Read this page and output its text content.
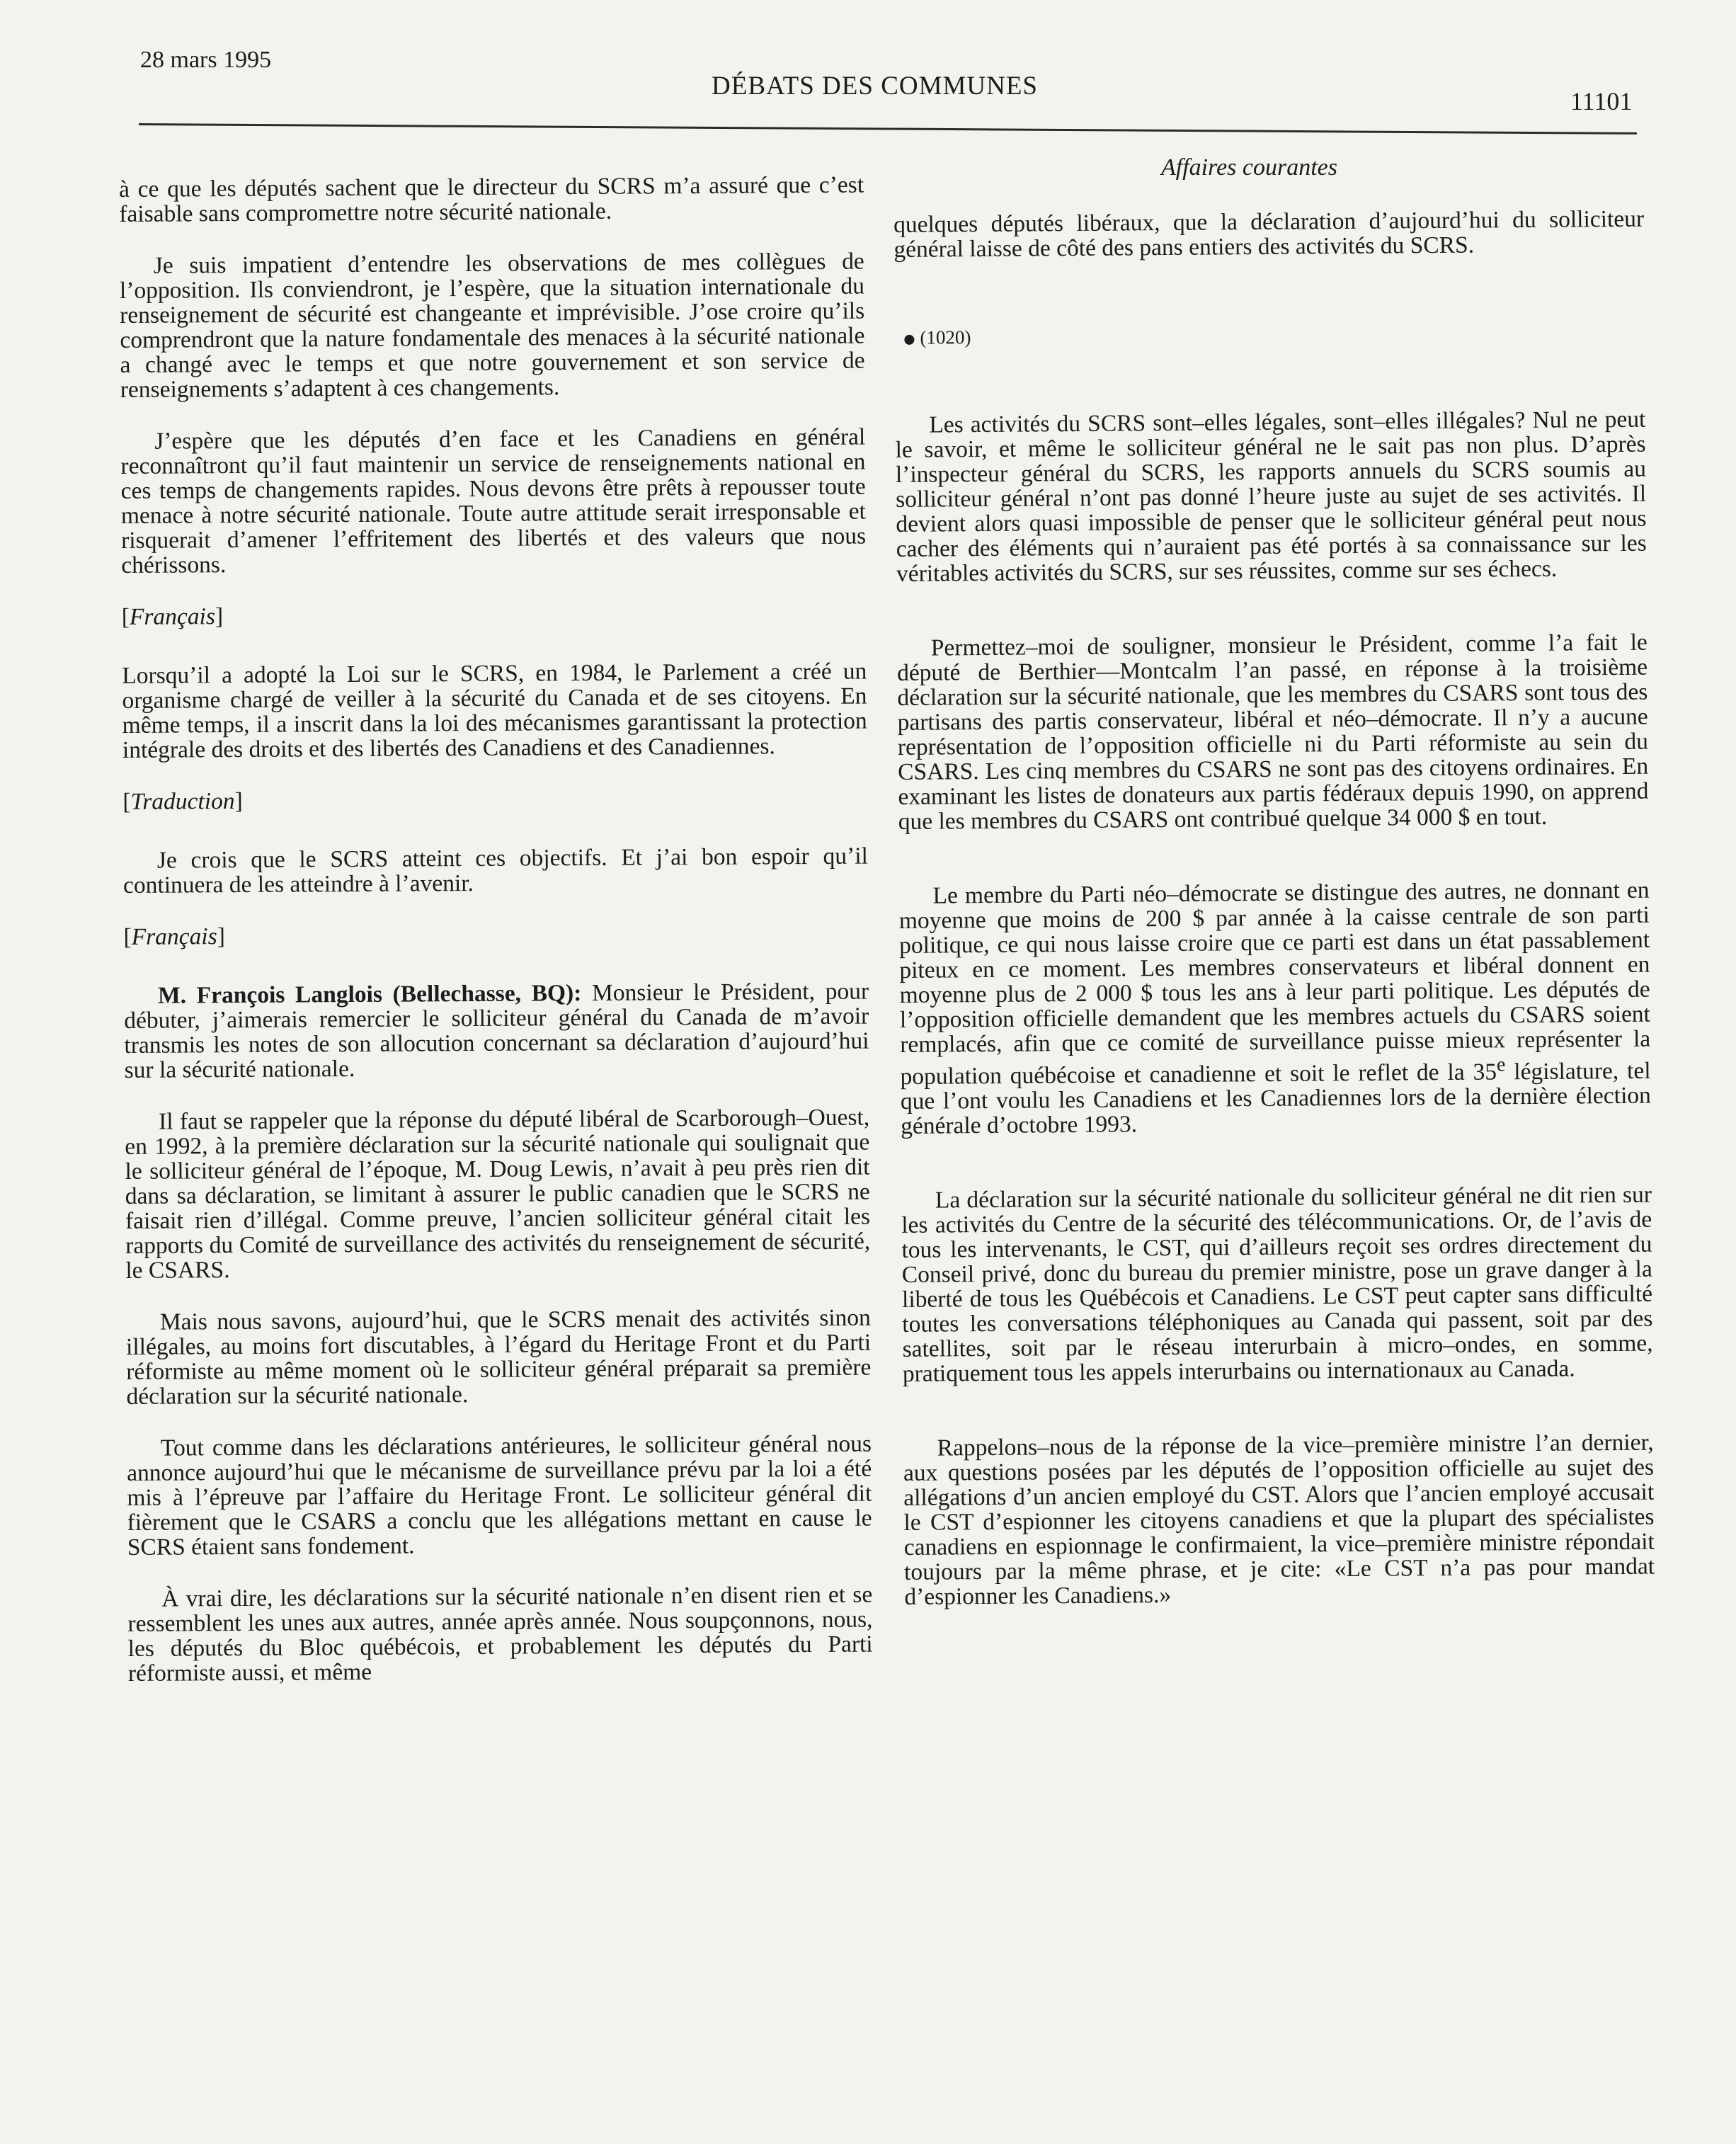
28 mars 1995
DÉBATS DES COMMUNES
11101
Affaires courantes

à ce que les députés sachent que le directeur du SCRS m’a assuré que c’est faisable sans compromettre notre sécurité nationale.

Je suis impatient d’entendre les observations de mes collègues de l’opposition. Ils conviendront, je l’espère, que la situation internationale du renseignement de sécurité est changeante et imprévisible. J’ose croire qu’ils comprendront que la nature fondamentale des menaces à la sécurité nationale a changé avec le temps et que notre gouvernement et son service de renseignements s’adaptent à ces changements.

J’espère que les députés d’en face et les Canadiens en général reconnaîtront qu’il faut maintenir un service de renseignements national en ces temps de changements rapides. Nous devons être prêts à repousser toute menace à notre sécurité nationale. Toute autre attitude serait irresponsable et risquerait d’amener l’effritement des libertés et des valeurs que nous chérissons.

[Français]

Lorsqu’il a adopté la Loi sur le SCRS, en 1984, le Parlement a créé un organisme chargé de veiller à la sécurité du Canada et de ses citoyens. En même temps, il a inscrit dans la loi des mécanismes garantissant la protection intégrale des droits et des libertés des Canadiens et des Canadiennes.

[Traduction]

Je crois que le SCRS atteint ces objectifs. Et j’ai bon espoir qu’il continuera de les atteindre à l’avenir.

[Français]

M. François Langlois (Bellechasse, BQ): Monsieur le Président, pour débuter, j’aimerais remercier le solliciteur général du Canada de m’avoir transmis les notes de son allocution concernant sa déclaration d’aujourd’hui sur la sécurité nationale.

Il faut se rappeler que la réponse du député libéral de Scarborough–Ouest, en 1992, à la première déclaration sur la sécurité nationale qui soulignait que le solliciteur général de l’époque, M. Doug Lewis, n’avait à peu près rien dit dans sa déclaration, se limitant à assurer le public canadien que le SCRS ne faisait rien d’illégal. Comme preuve, l’ancien solliciteur général citait les rapports du Comité de surveillance des activités du renseignement de sécurité, le CSARS.

Mais nous savons, aujourd’hui, que le SCRS menait des activités sinon illégales, au moins fort discutables, à l’égard du Heritage Front et du Parti réformiste au même moment où le solliciteur général préparait sa première déclaration sur la sécurité nationale.

Tout comme dans les déclarations antérieures, le solliciteur général nous annonce aujourd’hui que le mécanisme de surveillance prévu par la loi a été mis à l’épreuve par l’affaire du Heritage Front. Le solliciteur général dit fièrement que le CSARS a conclu que les allégations mettant en cause le SCRS étaient sans fondement.

À vrai dire, les déclarations sur la sécurité nationale n’en disent rien et se ressemblent les unes aux autres, année après année. Nous soupçonnons, nous, les députés du Bloc québécois, et probablement les députés du Parti réformiste aussi, et même

quelques députés libéraux, que la déclaration d’aujourd’hui du solliciteur général laisse de côté des pans entiers des activités du SCRS.

(1020)

Les activités du SCRS sont–elles légales, sont–elles illégales? Nul ne peut le savoir, et même le solliciteur général ne le sait pas non plus. D’après l’inspecteur général du SCRS, les rapports annuels du SCRS soumis au solliciteur général n’ont pas donné l’heure juste au sujet de ses activités. Il devient alors quasi impossible de penser que le solliciteur général peut nous cacher des éléments qui n’auraient pas été portés à sa connaissance sur les véritables activités du SCRS, sur ses réussites, comme sur ses échecs.

Permettez–moi de souligner, monsieur le Président, comme l’a fait le député de Berthier—Montcalm l’an passé, en réponse à la troisième déclaration sur la sécurité nationale, que les membres du CSARS sont tous des partisans des partis conservateur, libéral et néo–démocrate. Il n’y a aucune représentation de l’opposition officielle ni du Parti réformiste au sein du CSARS. Les cinq membres du CSARS ne sont pas des citoyens ordinaires. En examinant les listes de donateurs aux partis fédéraux depuis 1990, on apprend que les membres du CSARS ont contribué quelque 34 000 $ en tout.

Le membre du Parti néo–démocrate se distingue des autres, ne donnant en moyenne que moins de 200 $ par année à la caisse centrale de son parti politique, ce qui nous laisse croire que ce parti est dans un état passablement piteux en ce moment. Les membres conservateurs et libéral donnent en moyenne plus de 2 000 $ tous les ans à leur parti politique. Les députés de l’opposition officielle demandent que les membres actuels du CSARS soient remplacés, afin que ce comité de surveillance puisse mieux représenter la population québécoise et canadienne et soit le reflet de la 35e législature, tel que l’ont voulu les Canadiens et les Canadiennes lors de la dernière élection générale d’octobre 1993.

La déclaration sur la sécurité nationale du solliciteur général ne dit rien sur les activités du Centre de la sécurité des télécommunications. Or, de l’avis de tous les intervenants, le CST, qui d’ailleurs reçoit ses ordres directement du Conseil privé, donc du bureau du premier ministre, pose un grave danger à la liberté de tous les Québécois et Canadiens. Le CST peut capter sans difficulté toutes les conversations téléphoniques au Canada qui passent, soit par des satellites, soit par le réseau interurbain à micro–ondes, en somme, pratiquement tous les appels interurbains ou internationaux au Canada.

Rappelons–nous de la réponse de la vice–première ministre l’an dernier, aux questions posées par les députés de l’opposition officielle au sujet des allégations d’un ancien employé du CST. Alors que l’ancien employé accusait le CST d’espionner les citoyens canadiens et que la plupart des spécialistes canadiens en espionnage le confirmaient, la vice–première ministre répondait toujours par la même phrase, et je cite: «Le CST n’a pas pour mandat d’espionner les Canadiens.»
